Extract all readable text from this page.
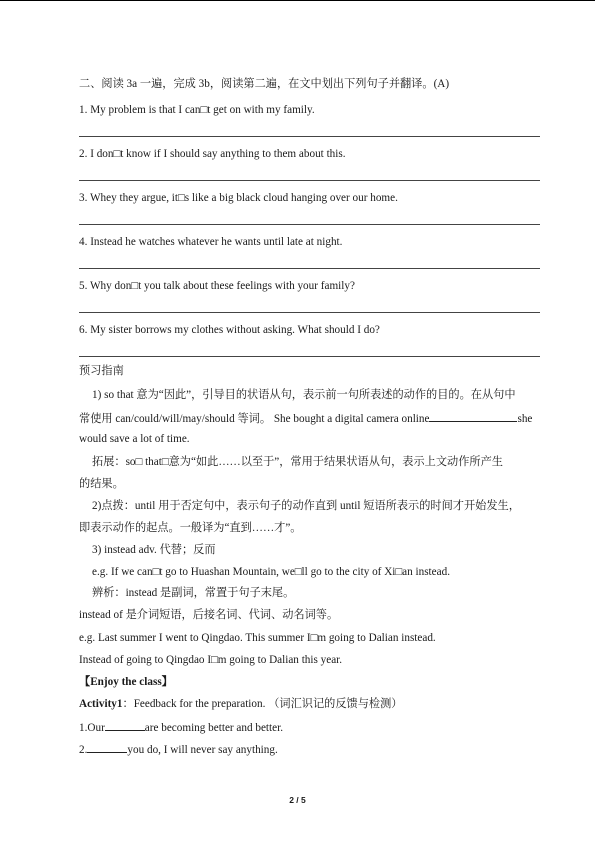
二、阅读 3a 一遍，完成 3b，阅读第二遍，在文中划出下列句子并翻译。(A)
1. My problem is that I can□t get on with my family.
2. I don□t know if I should say anything to them about this.
3. Whey they argue, it□s like a big black cloud hanging over our home.
4. Instead he watches whatever he wants until late at night.
5. Why don□t you talk about these feelings with your family?
6. My sister borrows my clothes without asking. What should I do?
预习指南
1) so that 意为“因此”，引导目的状语从句，表示前一句所表述的动作的目的。在从句中
常使用 can/could/will/may/should 等词。 She bought a digital camera online	she
would save a lot of time.
拓展：so□ that□意为“如此……以至于”，常用于结果状语从句，表示上文动作所产生
的结果。
2)点拨：until 用于否定句中，表示句子的动作直到 until 短语所表示的时间才开始发生，
即表示动作的起点。一般译为“直到……才”。
3) instead adv. 代替；反而
e.g. If we can□t go to Huashan Mountain, we□ll go to the city of Xi□an instead.
辨析：instead 是副词，常置于句子末尾。
instead of 是介词短语，后接名词、代词、动名词等。
e.g. Last summer I went to Qingdao. This summer I□m going to Dalian instead.
Instead of going to Qingdao I□m going to Dalian this year.
【Enjoy the class】
Activity1：Feedback for the preparation. （词汇识记的反馈与检测）
1.Our	are becoming better and better.
2.	you do, I will never say anything.
2 / 5
